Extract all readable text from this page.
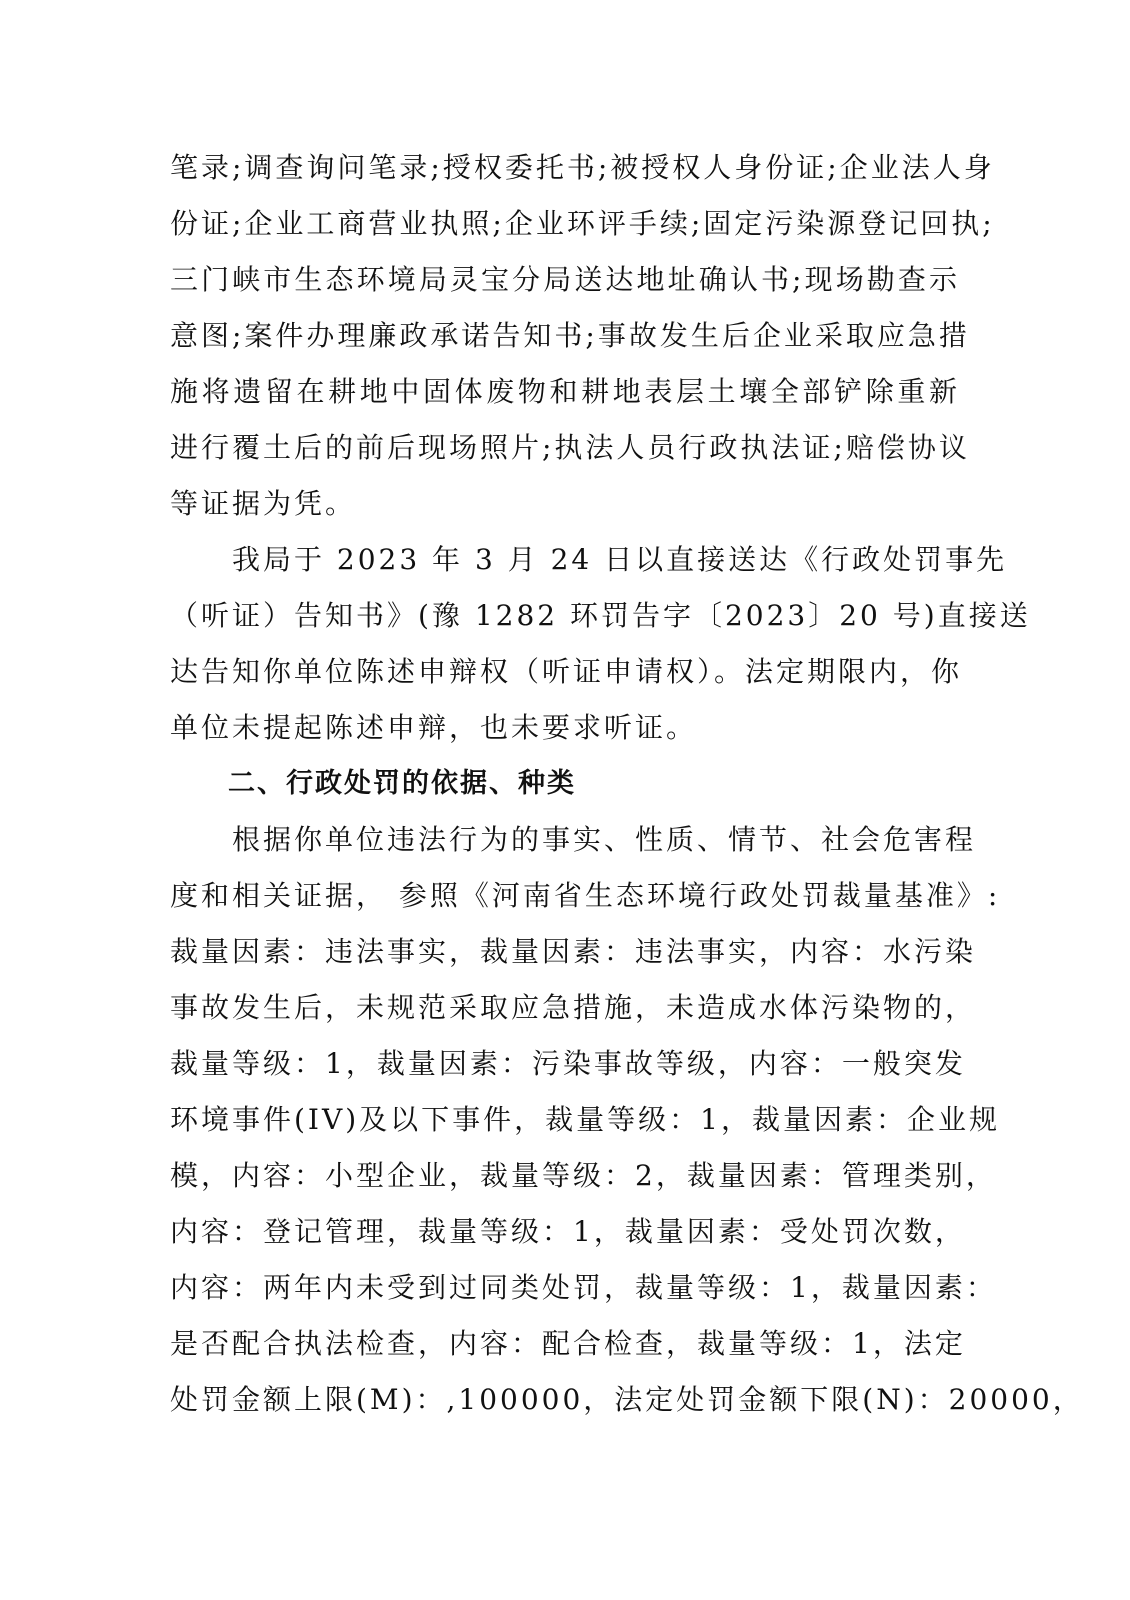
笔录;调查询问笔录;授权委托书;被授权人身份证;企业法人身
份证;企业工商营业执照;企业环评手续;固定污染源登记回执;
三门峡市生态环境局灵宝分局送达地址确认书;现场勘查示
意图;案件办理廉政承诺告知书;事故发生后企业采取应急措
施将遗留在耕地中固体废物和耕地表层土壤全部铲除重新
进行覆土后的前后现场照片;执法人员行政执法证;赔偿协议
等证据为凭。
我局于 2023 年 3 月 24 日以直接送达《行政处罚事先
（听证）告知书》(豫 1282 环罚告字〔2023〕20 号)直接送
达告知你单位陈述申辩权（听证申请权）。法定期限内，你
单位未提起陈述申辩，也未要求听证。
二、行政处罚的依据、种类
根据你单位违法行为的事实、性质、情节、社会危害程
度和相关证据， 参照《河南省生态环境行政处罚裁量基准》:
裁量因素：违法事实，裁量因素：违法事实，内容：水污染
事故发生后，未规范采取应急措施，未造成水体污染物的，
裁量等级：1，裁量因素：污染事故等级，内容：一般突发
环境事件(IV)及以下事件，裁量等级：1，裁量因素：企业规
模，内容：小型企业，裁量等级：2，裁量因素：管理类别，
内容：登记管理，裁量等级：1，裁量因素：受处罚次数，
内容：两年内未受到过同类处罚，裁量等级：1，裁量因素：
是否配合执法检查，内容：配合检查，裁量等级：1，法定
处罚金额上限(M)：,100000，法定处罚金额下限(N)：20000，
